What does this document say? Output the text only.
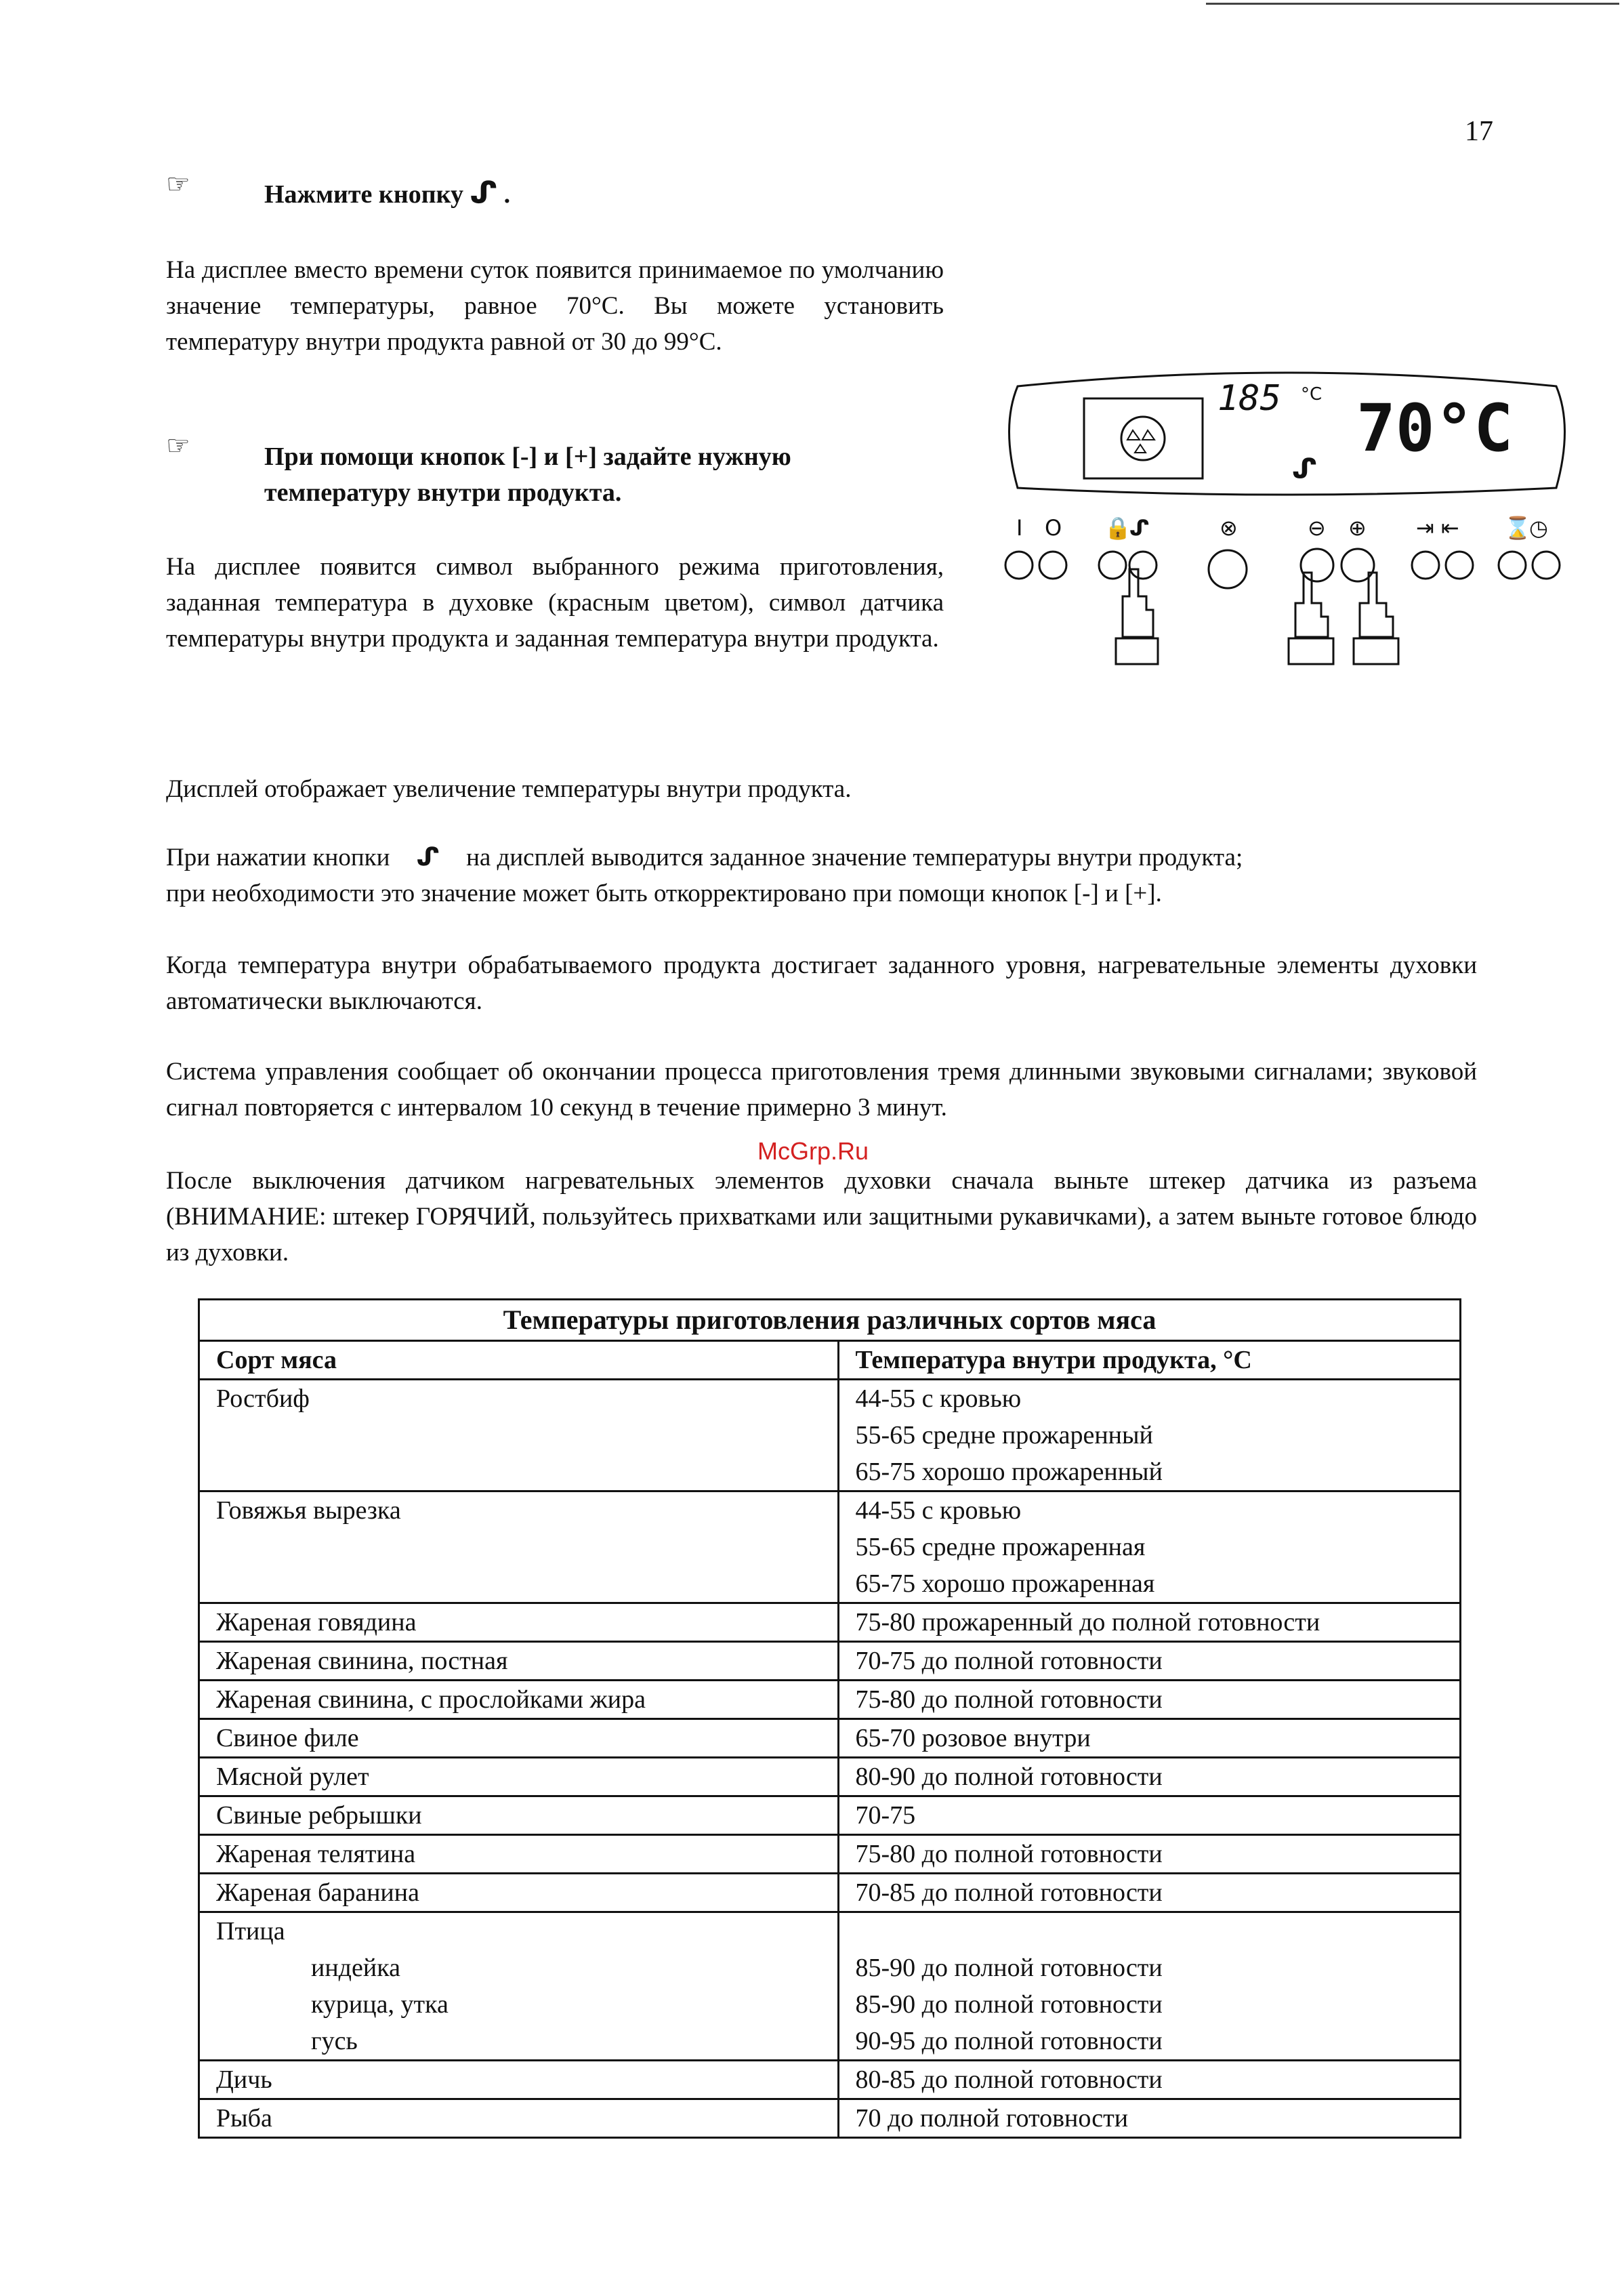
17
☞	Нажмите кнопку ᔑ .
На дисплее вместо времени суток появится принимаемое по умолчанию значение температуры, равное 70°С. Вы можете установить температуру внутри продукта равной от 30 до 99°С.
☞	При помощи кнопок [-] и [+] задайте нужную
температуру внутри продукта.
На дисплее появится символ выбранного режима приготовления, заданная температура в духовке (красным цветом), символ датчика температуры внутри продукта и заданная температура внутри продукта.
185 °C 70°C
ᔑ
I O 🔒
ᔑ	⊗	⊖ ⊕ ⇥ ⇤ ⌛
◷
Дисплей отображает увеличение температуры внутри продукта.
При нажатии кнопки ᔑ на дисплей выводится заданное значение температуры внутри продукта;
при необходимости это значение может быть откорректировано при помощи кнопок [-] и [+].
Когда температура внутри обрабатываемого продукта достигает заданного уровня, нагревательные элементы духовки автоматически выключаются.
Система управления сообщает об окончании процесса приготовления тремя длинными звуковыми сигналами; звуковой сигнал повторяется с интервалом 10 секунд в течение примерно 3 минут.
McGrp.Ru
После выключения датчиком нагревательных элементов духовки сначала выньте штекер датчика из разъема (ВНИМАНИЕ: штекер ГОРЯЧИЙ, пользуйтесь прихватками или защитными рукавичками), а затем выньте готовое блюдо из духовки.
Температуры приготовления различных сортов мяса	
Сорт мяса	Температура внутри продукта, °С
Ростбиф	44-55 с кровью
55-65 средне прожаренный
65-75 хорошо прожаренный

Говяжья вырезка	44-55 с кровью
55-65 средне прожаренная
65-75 хорошо прожаренная

Жареная говядина	75-80 прожаренный до полной готовности
Жареная свинина, постная	70-75 до полной готовности
Жареная свинина, с прослойками жира	75-80 до полной готовности
Свиное филе	65-70 розовое внутри
Мясной рулет	80-90 до полной готовности
Свиные ребрышки	70-75
Жареная телятина	75-80 до полной готовности
Жареная баранина	70-85 до полной готовности

Птица
индейка
курица, утка
гусь	85-90 до полной готовности
85-90 до полной готовности
90-95 до полной готовности

Дичь	80-85 до полной готовности
Рыба	70 до полной готовности
